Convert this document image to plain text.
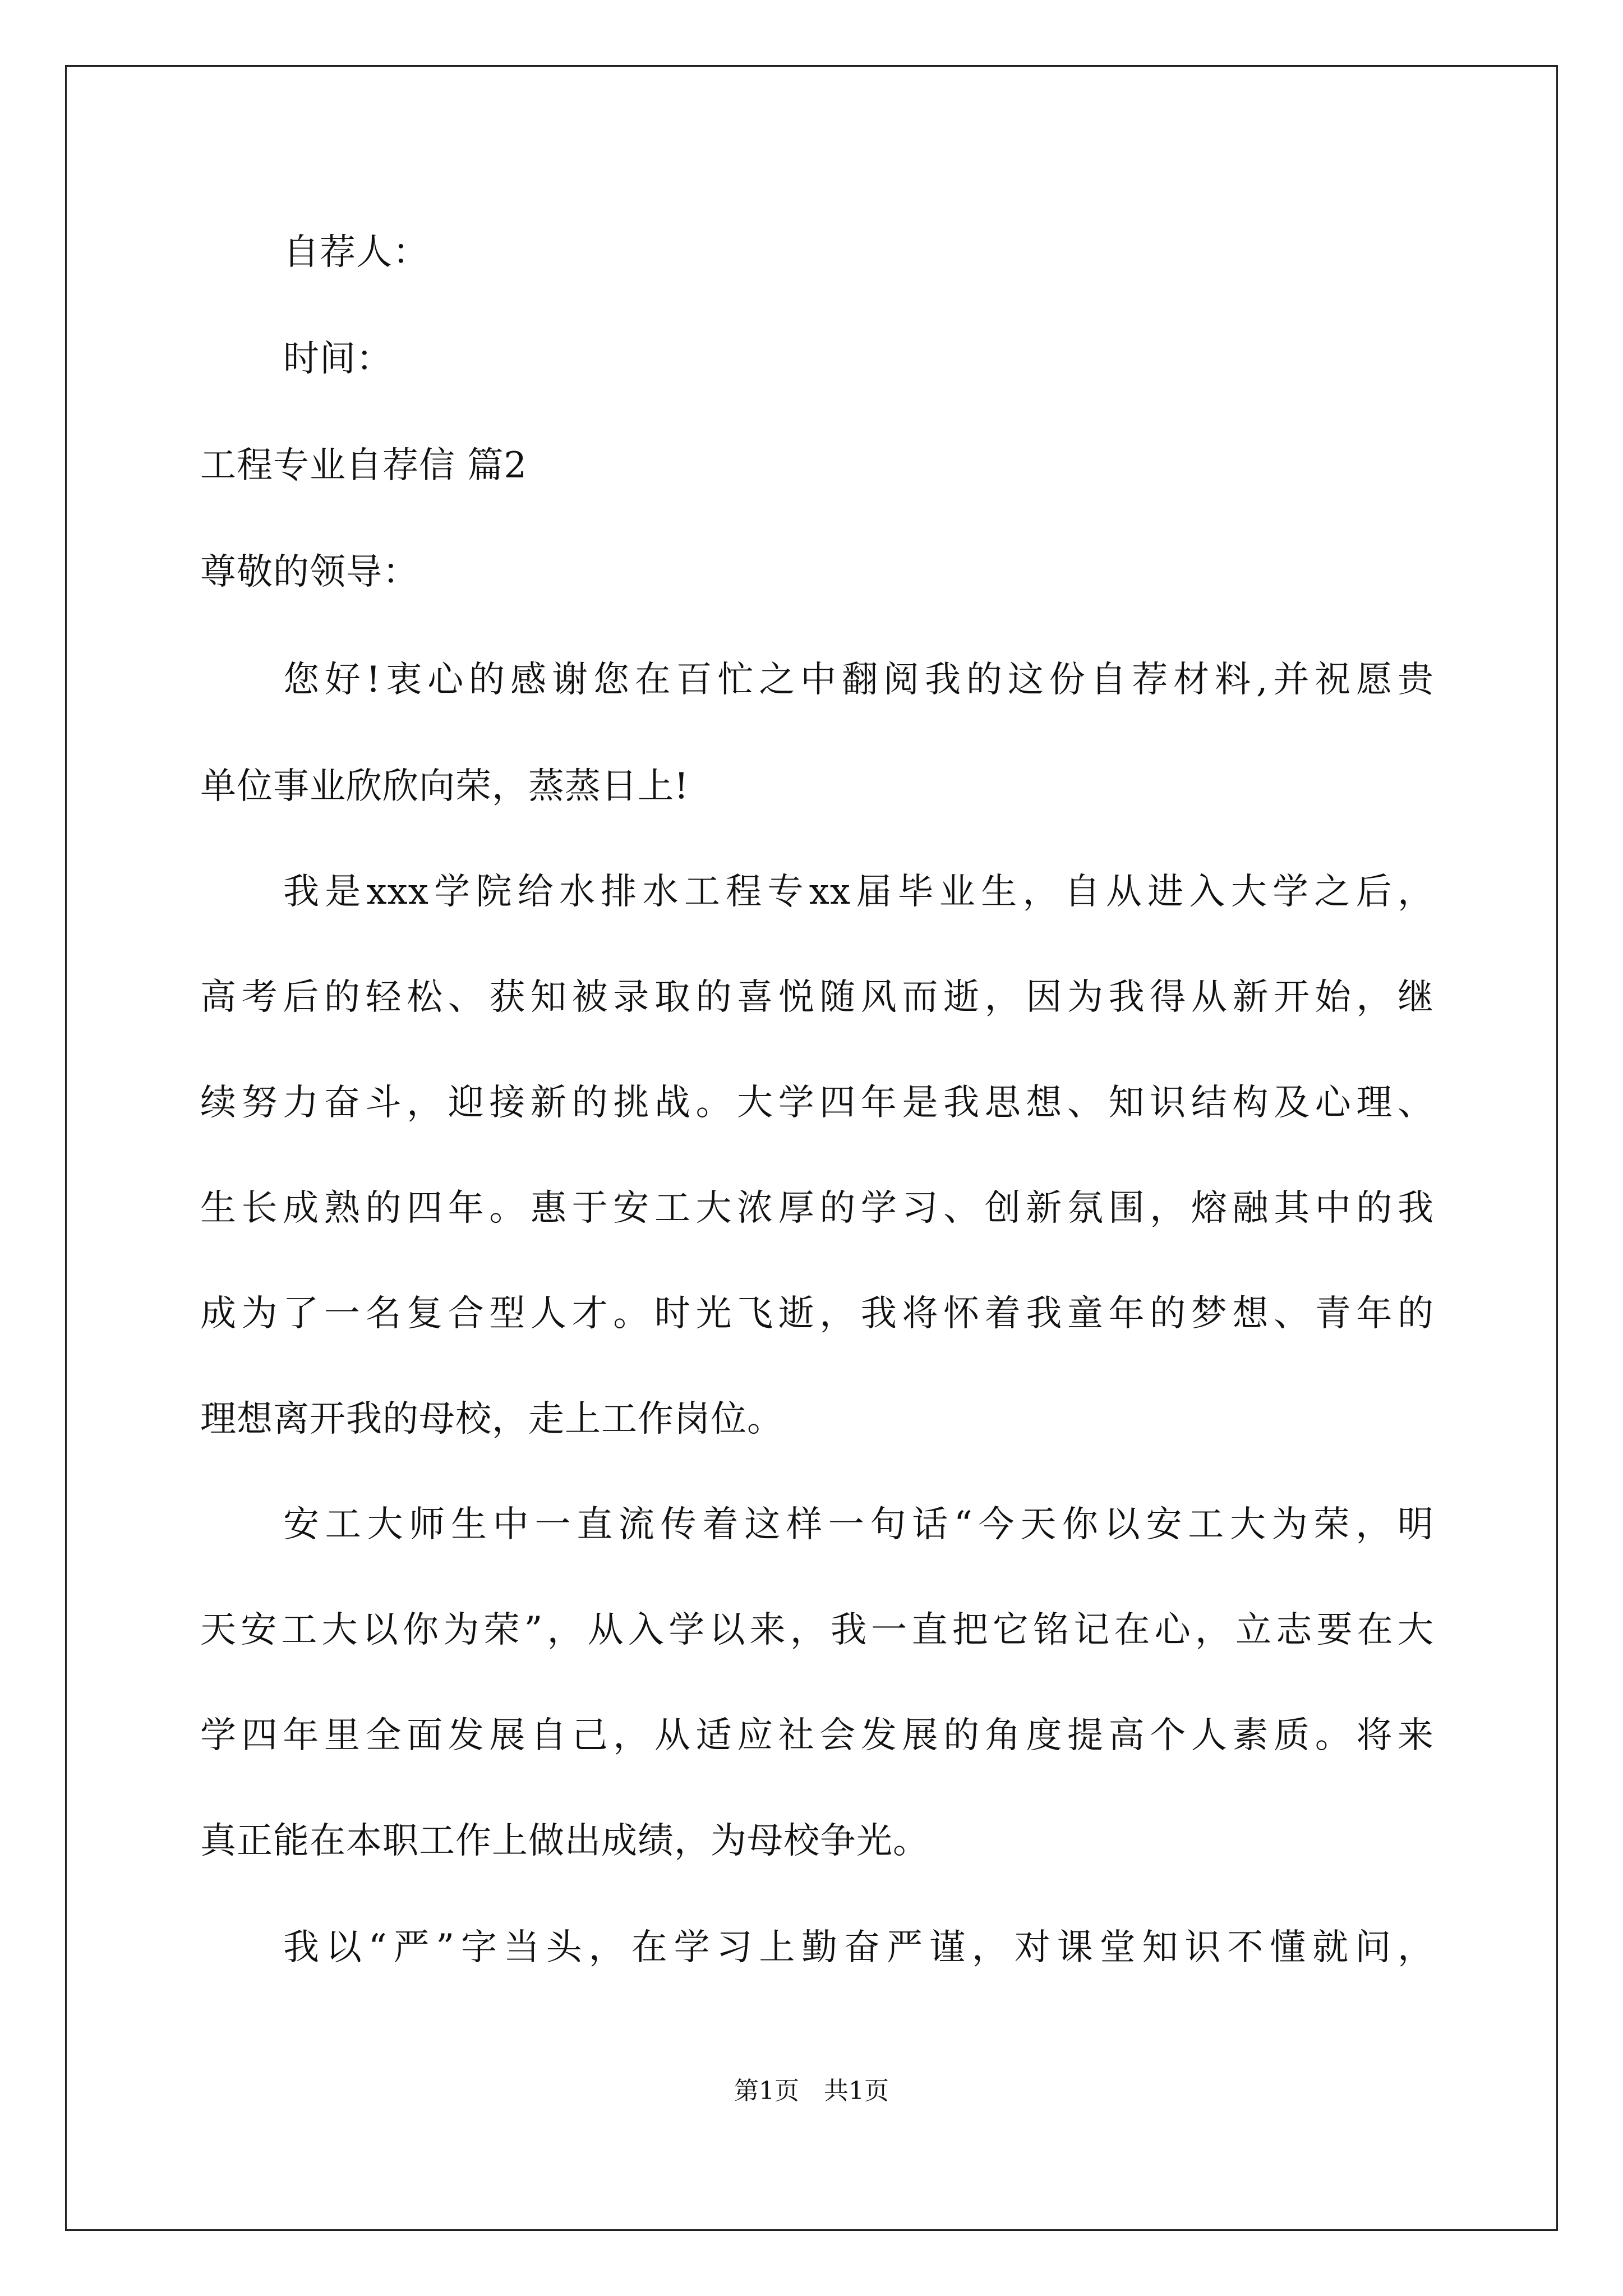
自荐人：
时间：
工程专业自荐信 篇2
尊敬的领导：
您好!衷心的感谢您在百忙之中翻阅我的这份自荐材料,并祝愿贵
单位事业欣欣向荣，蒸蒸日上!
我是xxx学院给水排水工程专xx届毕业生，自从进入大学之后，
高考后的轻松、获知被录取的喜悦随风而逝，因为我得从新开始，继
续努力奋斗，迎接新的挑战。大学四年是我思想、知识结构及心理、
生长成熟的四年。惠于安工大浓厚的学习、创新氛围，熔融其中的我
成为了一名复合型人才。时光飞逝，我将怀着我童年的梦想、青年的
理想离开我的母校，走上工作岗位。
安工大师生中一直流传着这样一句话“今天你以安工大为荣，明
天安工大以你为荣”，从入学以来，我一直把它铭记在心，立志要在大
学四年里全面发展自己，从适应社会发展的角度提高个人素质。将来
真正能在本职工作上做出成绩，为母校争光。
我以“严”字当头，在学习上勤奋严谨，对课堂知识不懂就问，
第1页　共1页
